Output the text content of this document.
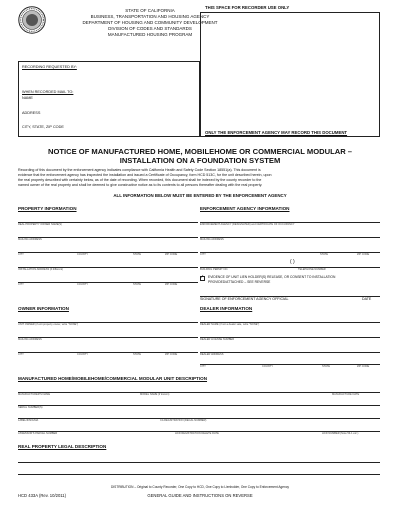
STATE OF CALIFORNIA
BUSINESS, TRANSPORTATION AND HOUSING AGENCY
DEPARTMENT OF HOUSING AND COMMUNITY DEVELOPMENT
DIVISION OF CODES AND STANDARDS
MANUFACTURED HOUSING PROGRAM
THIS SPACE FOR RECORDER USE ONLY
ONLY THE ENFORCEMENT AGENCY MAY RECORD THIS DOCUMENT
RECORDING REQUESTED BY:
WHEN RECORDED MAIL TO:
NAME
ADDRESS
CITY, STATE, ZIP CODE
NOTICE OF MANUFACTURED HOME, MOBILEHOME OR COMMERCIAL MODULAR –
INSTALLATION ON A FOUNDATION SYSTEM
Recording of this document by the enforcement agency indicates compliance with California Health and Safety Code Section 18551(a). This document is
evidence that the enforcement agency has inspected the installation and issued a Certificate of Occupancy, form HCD 513C, for the unit described herein, upon
the real property described with certainty below, as of the date of recording. When recorded, this document shall be indexed by the county recorder to the
named owner of the real property and shall be deemed to give constructive notice as to its contents to all persons thereafter dealing with the real property.
ALL INFORMATION BELOW MUST BE ENTERED BY THE ENFORCEMENT AGENCY
PROPERTY INFORMATION
REAL PROPERTY OWNER NAME(S)
MAILING ADDRESS
CITY	COUNTY	STATE	ZIP CODE
INSTALLATION ADDRESS (if different)
CITY	COUNTY	STATE	ZIP CODE
ENFORCEMENT AGENCY INFORMATION
ENFORCEMENT AGENCY (DESIGNATED) and CERTIFICATE OF OCCUPANCY
MAILING ADDRESS
CITY	STATE	ZIP CODE
( )
BUILDING PERMIT NO.	TELEPHONE NUMBER
✓ EVIDENCE OF UNIT LIEN HOLDER(S) RELEASE, OR CONSENT TO INSTALLATION
PROVIDED/ATTACHED – SEE REVERSE
SIGNATURE OF ENFORCEMENT AGENCY OFFICIAL	DATE
OWNER INFORMATION
UNIT OWNER (if unit property owner, write "NONE")
MAILING ADDRESS
CITY	COUNTY	STATE	ZIP CODE
DEALER INFORMATION
DEALER NAME (if not a dealer sale, write "NONE")
DEALER LICENSE NUMBER
DEALER ADDRESS
CITY	COUNTY	STATE	ZIP CODE
MANUFACTURED HOME/MOBILEHOME/COMMERCIAL MODULAR UNIT DESCRIPTION
MANUFACTURER'S NAME	MODEL NAME (if known)	MANUFACTURE DATE
SERIAL NUMBER(S)
LABEL/INSIGNIA	CA REGISTRATION (DECAL NUMBER)
ASSESSOR'S PARCEL NUMBER	HCD REGISTRATION DELETE DATE	HCD NUMBER (Note 53-1 etc.)
REAL PROPERTY LEGAL DESCRIPTION
DISTRIBUTION – Original to County Recorder, One Copy to HCD, One Copy to Lienholder, One Copy to Enforcement Agency
HCD 433A (Rev. 10/2011)	GENERAL GUIDE AND INSTRUCTIONS ON REVERSE
